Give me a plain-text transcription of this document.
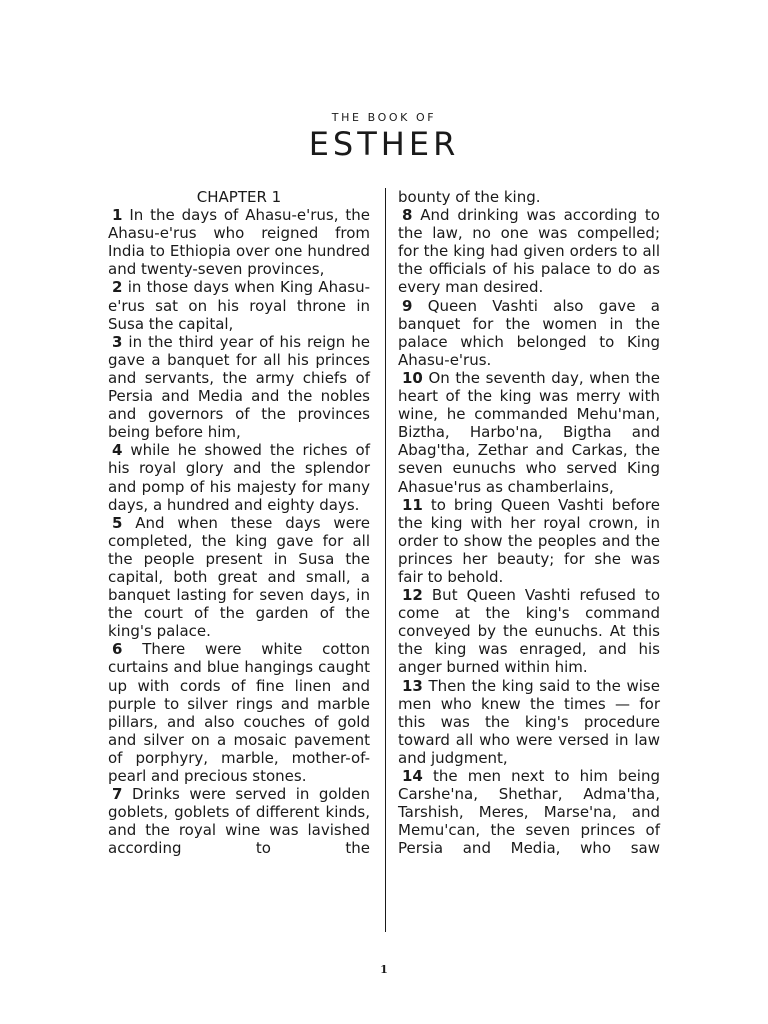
THE BOOK OF
ESTHER
CHAPTER 1

1 In the days of Ahasu-e'rus, the Ahasu-e'rus who reigned from India to Ethiopia over one hundred and twenty-seven provinces,

2 in those days when King Ahasu-e'rus sat on his royal throne in Susa the capital,

3 in the third year of his reign he gave a banquet for all his princes and servants, the army chiefs of Persia and Media and the nobles and governors of the provinces being before him,

4 while he showed the riches of his royal glory and the splendor and pomp of his majesty for many days, a hundred and eighty days.

5 And when these days were completed, the king gave for all the people present in Susa the capital, both great and small, a banquet lasting for seven days, in the court of the garden of the king's palace.

6 There were white cotton curtains and blue hangings caught up with cords of fine linen and purple to silver rings and marble pillars, and also couches of gold and silver on a mosaic pavement of porphyry, marble, mother-of-pearl and precious stones.

7 Drinks were served in golden goblets, goblets of different kinds, and the royal wine was lavished according to the

bounty of the king.

8 And drinking was according to the law, no one was compelled; for the king had given orders to all the officials of his palace to do as every man desired.

9 Queen Vashti also gave a banquet for the women in the palace which belonged to King Ahasu-e'rus.

10 On the seventh day, when the heart of the king was merry with wine, he commanded Mehu'man, Biztha, Harbo'na, Bigtha and Abag'tha, Zethar and Carkas, the seven eunuchs who served King Ahasue'rus as chamberlains,

11 to bring Queen Vashti before the king with her royal crown, in order to show the peoples and the princes her beauty; for she was fair to behold.

12 But Queen Vashti refused to come at the king's command conveyed by the eunuchs. At this the king was enraged, and his anger burned within him.

13 Then the king said to the wise men who knew the times — for this was the king's procedure toward all who were versed in law and judgment,

14 the men next to him being Carshe'na, Shethar, Adma'tha, Tarshish, Meres, Marse'na, and Memu'can, the seven princes of Persia and Media, who saw

1
